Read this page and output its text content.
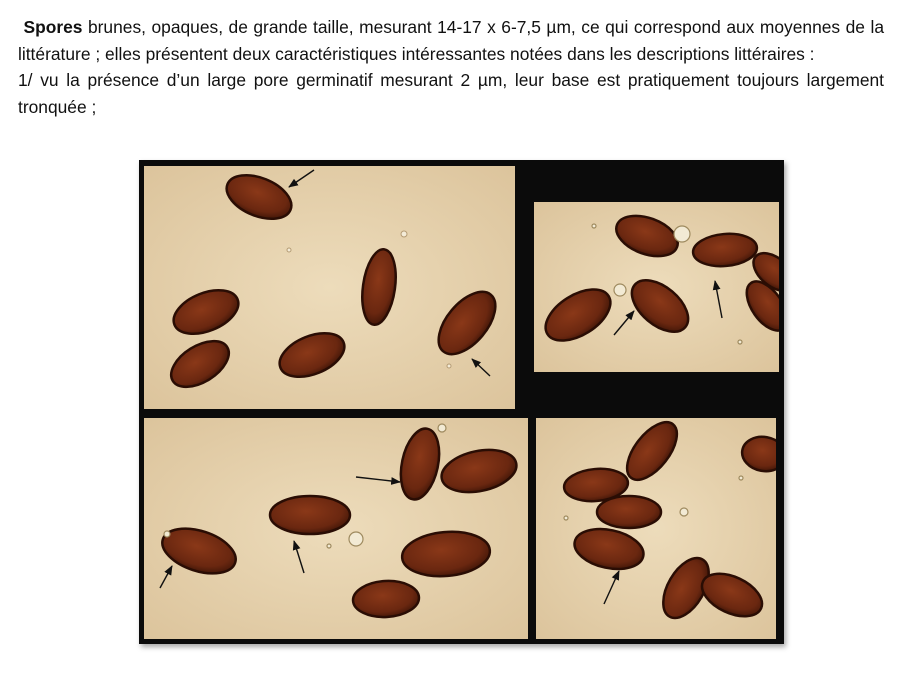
Spores brunes, opaques, de grande taille, mesurant 14-17 x 6-7,5 µm, ce qui correspond aux moyennes de la littérature ; elles présentent deux caractéristiques intéressantes notées dans les descriptions littéraires :

1/ vu la présence d’un large pore germinatif mesurant 2 µm, leur base est pratiquement toujours largement tronquée ;
